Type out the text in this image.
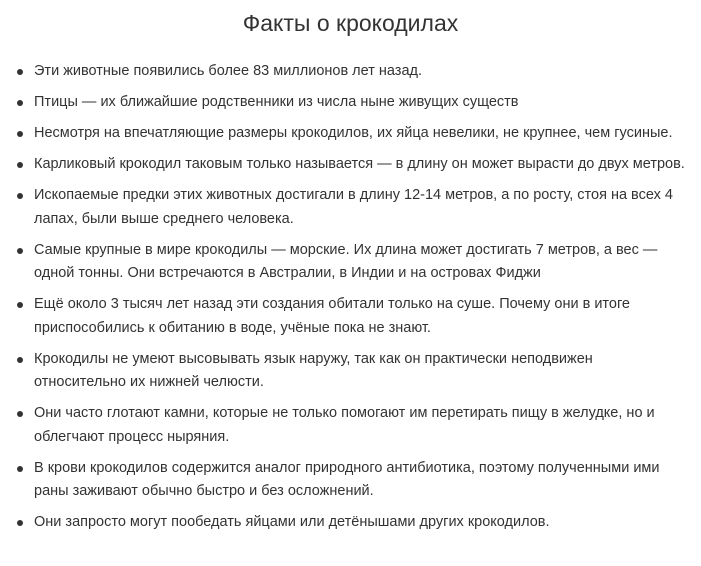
Факты о крокодилах
Эти животные появились более 83 миллионов лет назад.
Птицы — их ближайшие родственники из числа ныне живущих существ
Несмотря на впечатляющие размеры крокодилов, их яйца невелики, не крупнее, чем гусиные.
Карликовый крокодил таковым только называется — в длину он может вырасти до двух метров.
Ископаемые предки этих животных достигали в длину 12-14 метров, а по росту, стоя на всех 4 лапах, были выше среднего человека.
Самые крупные в мире крокодилы — морские. Их длина может достигать 7 метров, а вес — одной тонны. Они встречаются в Австралии, в Индии и на островах Фиджи
Ещё около 3 тысяч лет назад эти создания обитали только на суше. Почему они в итоге приспособились к обитанию в воде, учёные пока не знают.
Крокодилы не умеют высовывать язык наружу, так как он практически неподвижен относительно их нижней челюсти.
Они часто глотают камни, которые не только помогают им перетирать пищу в желудке, но и облегчают процесс ныряния.
В крови крокодилов содержится аналог природного антибиотика, поэтому полученными ими раны заживают обычно быстро и без осложнений.
Они запросто могут пообедать яйцами или детёнышами других крокодилов.
